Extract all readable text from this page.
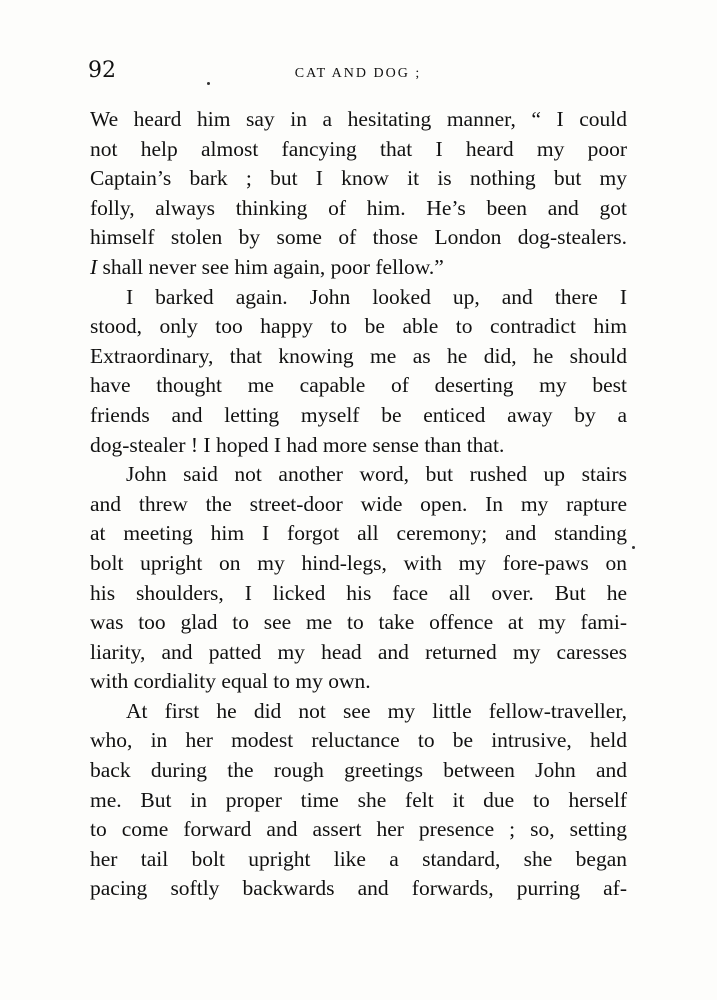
92	CAT AND DOG ;
We heard him say in a hesitating manner, “ I could
not help almost fancying that I heard my poor
Captain’s bark ; but I know it is nothing but my
folly, always thinking of him. He’s been and got
himself stolen by some of those London dog-stealers.
I shall never see him again, poor fellow.”
I barked again. John looked up, and there I
stood, only too happy to be able to contradict him
Extraordinary, that knowing me as he did, he should
have thought me capable of deserting my best
friends and letting myself be enticed away by a
dog-stealer ! I hoped I had more sense than that.
John said not another word, but rushed up stairs
and threw the street-door wide open. In my rapture
at meeting him I forgot all ceremony; and standing
bolt upright on my hind-legs, with my fore-paws on
his shoulders, I licked his face all over. But he
was too glad to see me to take offence at my fami-
liarity, and patted my head and returned my caresses
with cordiality equal to my own.
At first he did not see my little fellow-traveller,
who, in her modest reluctance to be intrusive, held
back during the rough greetings between John and
me. But in proper time she felt it due to herself
to come forward and assert her presence ; so, setting
her tail bolt upright like a standard, she began
pacing softly backwards and forwards, purring af-
